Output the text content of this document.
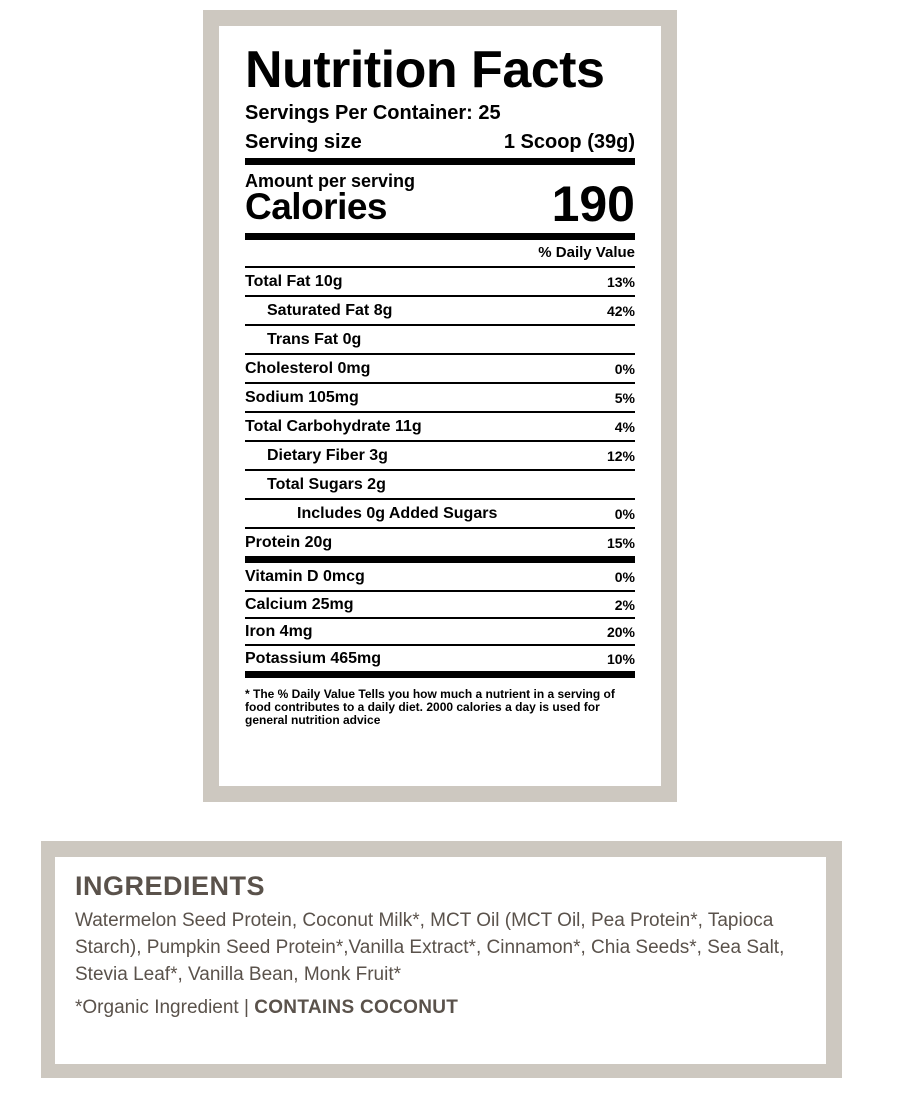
Nutrition Facts
Servings Per Container: 25
Serving size	1 Scoop (39g)
Amount per serving
Calories	190
% Daily Value
Total Fat 10g	13%
Saturated Fat 8g	42%
Trans Fat 0g
Cholesterol 0mg	0%
Sodium 105mg	5%
Total Carbohydrate 11g	4%
Dietary Fiber 3g	12%
Total Sugars 2g
Includes 0g Added Sugars	0%
Protein 20g	15%
Vitamin D 0mcg	0%
Calcium 25mg	2%
Iron 4mg	20%
Potassium 465mg	10%
* The % Daily Value Tells you how much a nutrient in a serving of food contributes to a daily diet. 2000 calories a day is used for general nutrition advice
INGREDIENTS
Watermelon Seed Protein, Coconut Milk*, MCT Oil (MCT Oil, Pea Protein*, Tapioca Starch), Pumpkin Seed Protein*,Vanilla Extract*, Cinnamon*, Chia Seeds*, Sea Salt, Stevia Leaf*, Vanilla Bean, Monk Fruit*
*Organic Ingredient | CONTAINS COCONUT
